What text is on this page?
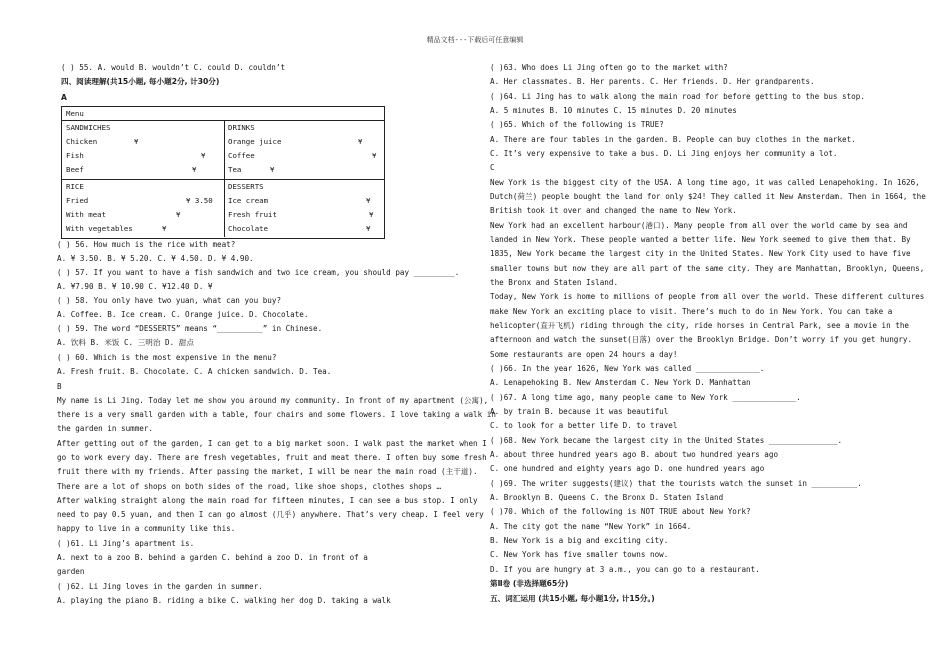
精品文档---下载后可任意编辑
( ) 55. A. would B. wouldn’t C. could D. couldn’t
四、阅读理解(共15小题, 每小题2分, 计30分)
A
Menu
SANDWICHES
Chicken	¥
Fish	¥
Beef	¥
DRINKS
Orange juice	¥
Coffee	¥
Tea	¥
RICE
Fried	¥ 3.50
With meat	¥
With vegetables	¥
DESSERTS
Ice cream	¥
Fresh fruit	¥
Chocolate	¥
( ) 56. How much is the rice with meat?
A. ¥ 3.50. B. ¥ 5.20. C. ¥ 4.50. D. ¥ 4.90.
( ) 57. If you want to have a fish sandwich and two ice cream, you should pay _________.
A. ¥7.90 B. ¥ 10.90 C. ¥12.40 D. ¥
( ) 58. You only have two yuan, what can you buy?
A. Coffee. B. Ice cream. C. Orange juice. D. Chocolate.
( ) 59. The word “DESSERTS” means “__________” in Chinese.
A. 饮料 B. 米饭 C. 三明治 D. 甜点
( ) 60. Which is the most expensive in the menu?
A. Fresh fruit. B. Chocolate. C. A chicken sandwich. D. Tea.
B
My name is Li Jing. Today let me show you around my community. In front of my apartment (公寓),
there is a very small garden with a table, four chairs and some flowers. I love taking a walk in
the garden in summer.
After getting out of the garden, I can get to a big market soon. I walk past the market when I
go to work every day. There are fresh vegetables, fruit and meat there. I often buy some fresh
fruit there with my friends. After passing the market, I will be near the main road (主干道).
There are a lot of shops on both sides of the road, like shoe shops, clothes shops …
After walking straight along the main road for fifteen minutes, I can see a bus stop. I only
need to pay 0.5 yuan, and then I can go almost (几乎) anywhere. That’s very cheap. I feel very
happy to live in a community like this.
( )61. Li Jing’s apartment is.
A. next to a zoo B. behind a garden C. behind a zoo D. in front of a
garden
( )62. Li Jing loves in the garden in summer.
A. playing the piano B. riding a bike C. walking her dog D. taking a walk
( )63. Who does Li Jing often go to the market with?
A. Her classmates. B. Her parents. C. Her friends. D. Her grandparents.
( )64. Li Jing has to walk along the main road for before getting to the bus stop.
A. 5 minutes B. 10 minutes C. 15 minutes D. 20 minutes
( )65. Which of the following is TRUE?
A. There are four tables in the garden. B. People can buy clothes in the market.
C. It’s very expensive to take a bus. D. Li Jing enjoys her community a lot.
C
New York is the biggest city of the USA. A long time ago, it was called Lenapehoking. In 1626,
Dutch(荷兰) people bought the land for only $24! They called it New Amsterdam. Then in 1664, the
British took it over and changed the name to New York.
New York had an excellent harbour(港口). Many people from all over the world came by sea and
landed in New York. These people wanted a better life. New York seemed to give them that. By
1835, New York became the largest city in the United States. New York City used to have five
smaller towns but now they are all part of the same city. They are Manhattan, Brooklyn, Queens,
the Bronx and Staten Island.
Today, New York is home to millions of people from all over the world. These different cultures
make New York an exciting place to visit. There’s much to do in New York. You can take a
helicopter(直升飞机) riding through the city, ride horses in Central Park, see a movie in the
afternoon and watch the sunset(日落) over the Brooklyn Bridge. Don’t worry if you get hungry.
Some restaurants are open 24 hours a day!
( )66. In the year 1626, New York was called ______________.
A. Lenapehoking B. New Amsterdam C. New York D. Manhattan
( )67. A long time ago, many people came to New York ______________.
A. by train B. because it was beautiful
C. to look for a better life D. to travel
( )68. New York became the largest city in the United States _______________.
A. about three hundred years ago B. about two hundred years ago
C. one hundred and eighty years ago D. one hundred years ago
( )69. The writer suggests(建议) that the tourists watch the sunset in __________.
A. Brooklyn B. Queens C. the Bronx D. Staten Island
( )70. Which of the following is NOT TRUE about New York?
A. The city got the name “New York” in 1664.
B. New York is a big and exciting city.
C. New York has five smaller towns now.
D. If you are hungry at 3 a.m., you can go to a restaurant.
第Ⅱ卷 (非选择题65分)
五、词汇运用 (共15小题, 每小题1分, 计15分。)
